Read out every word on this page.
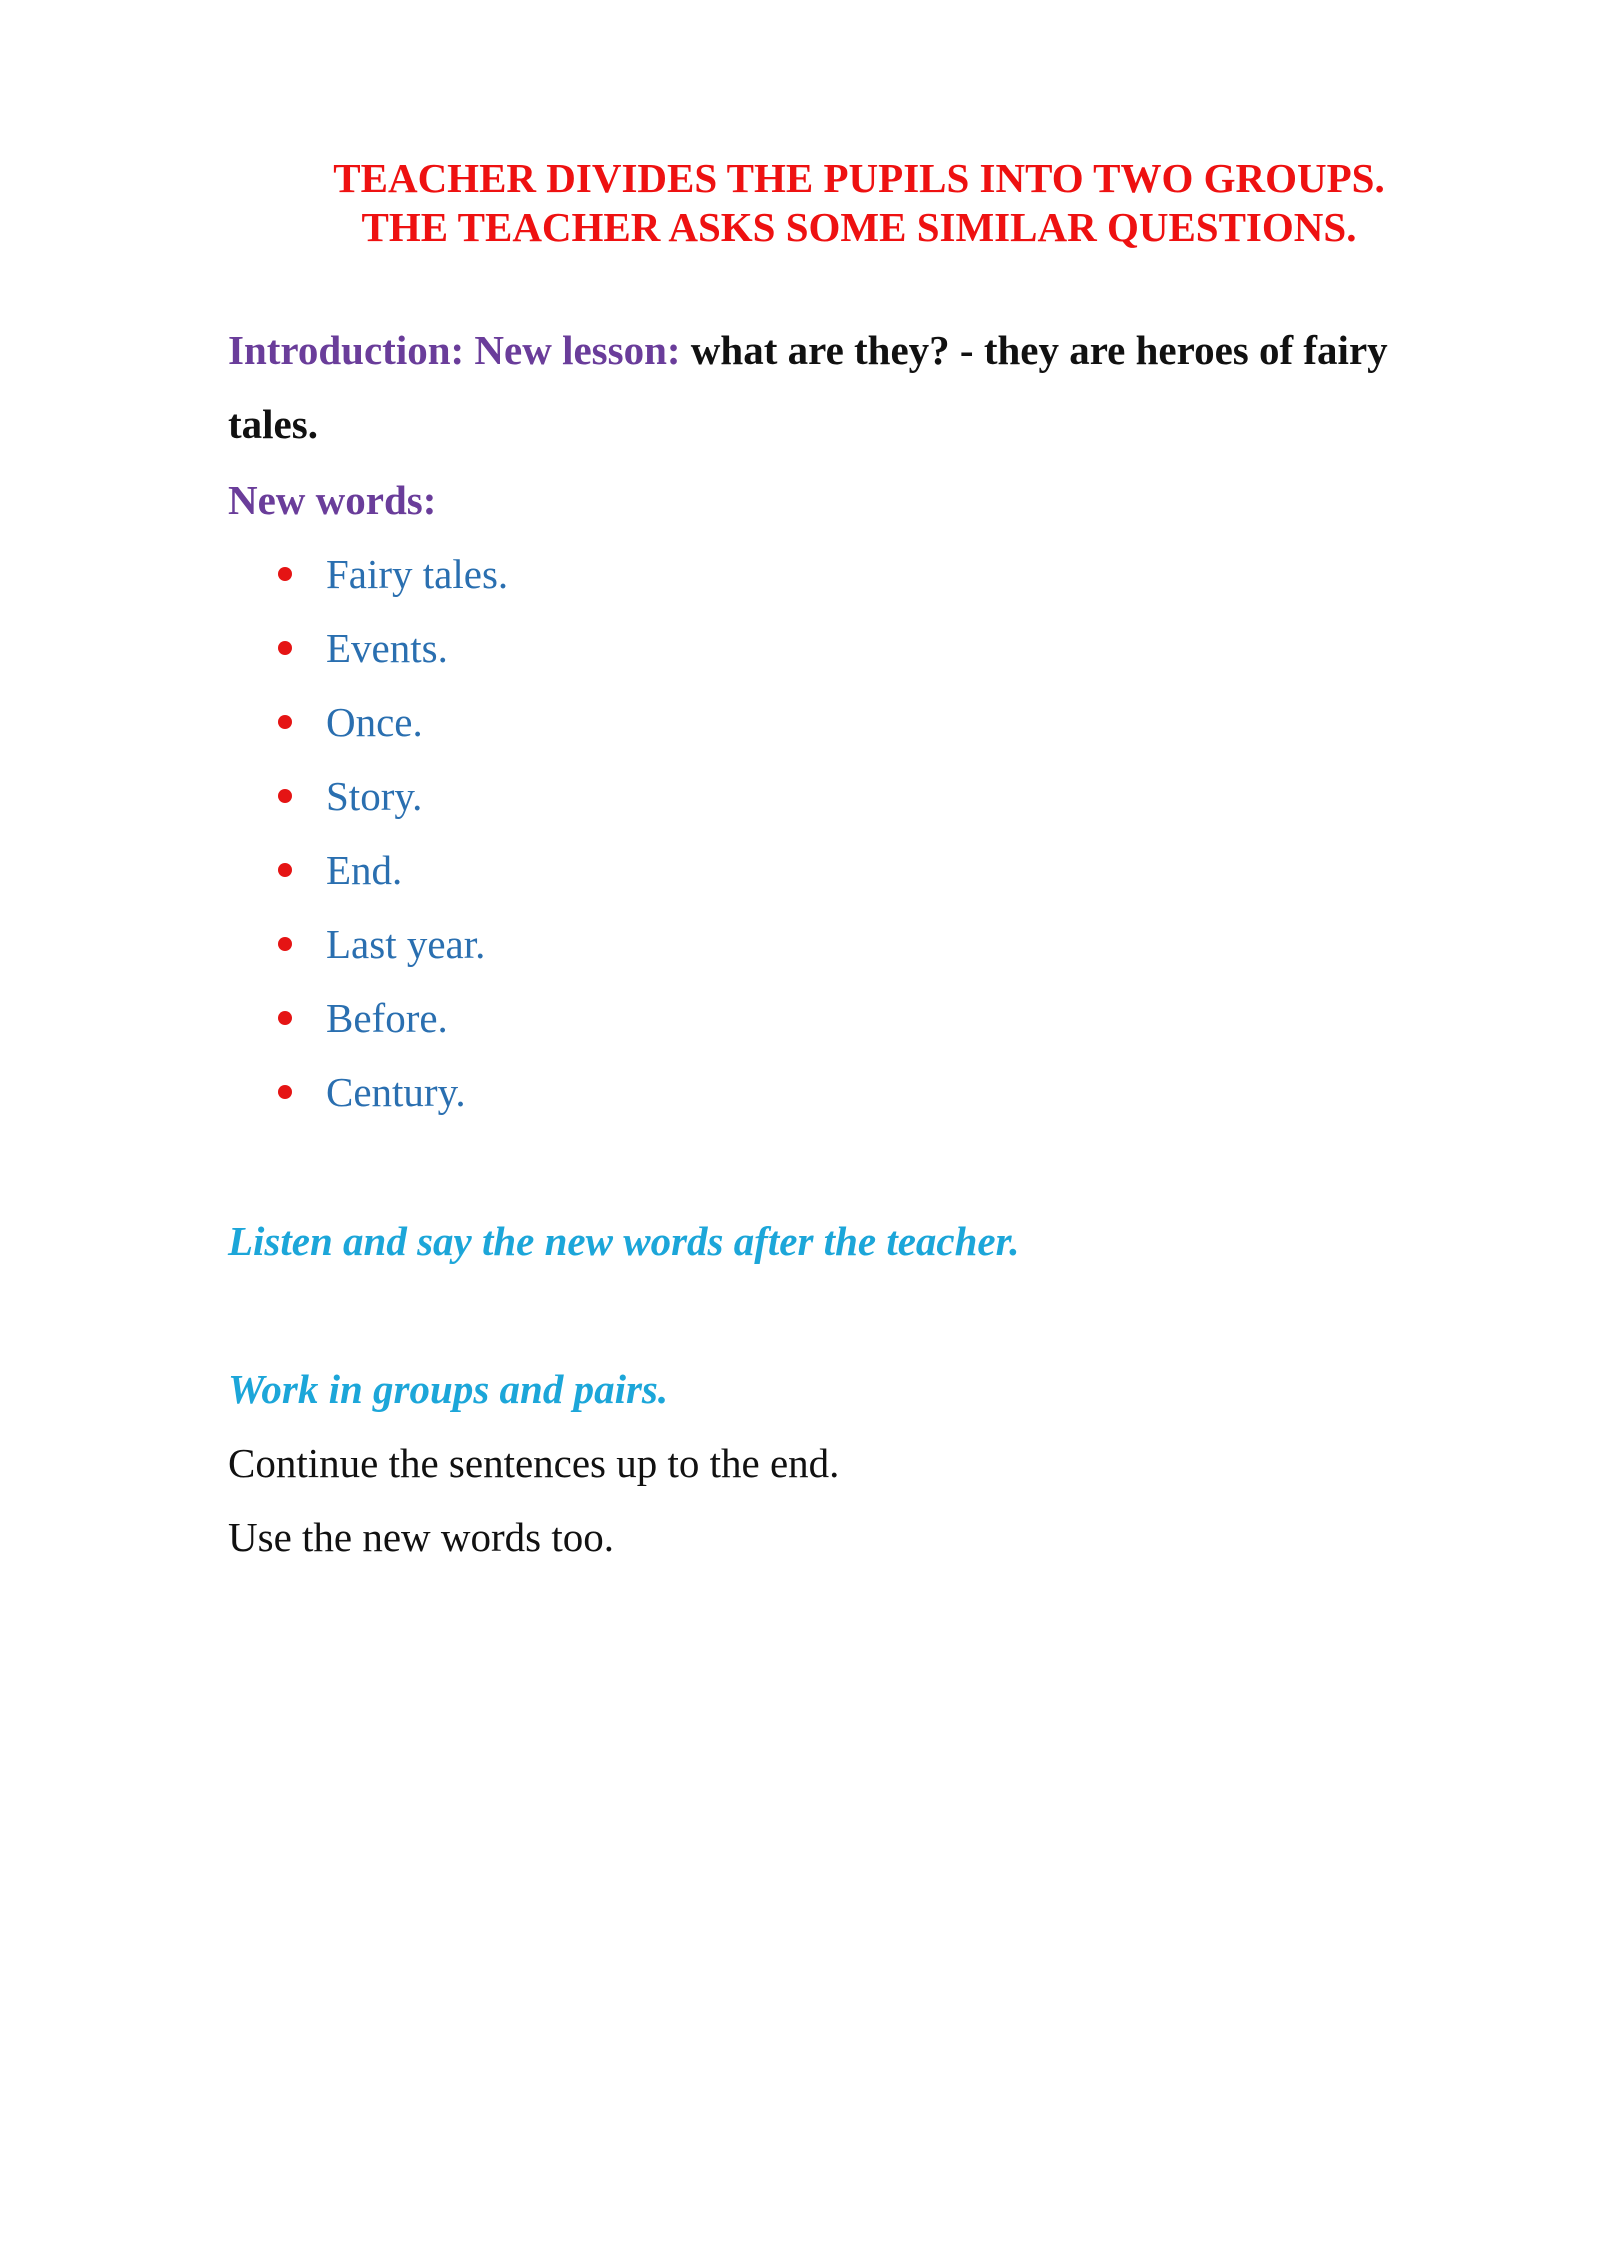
TEACHER DIVIDES THE PUPILS INTO TWO GROUPS.
THE TEACHER ASKS SOME SIMILAR QUESTIONS.
Introduction: New lesson: what are they? - they are heroes of fairy tales.
New words:
Fairy tales.
Events.
Once.
Story.
End.
Last year.
Before.
Century.
Listen and say the new words after the teacher.
Work in groups and pairs.
Continue the sentences up to the end.
Use the new words too.
